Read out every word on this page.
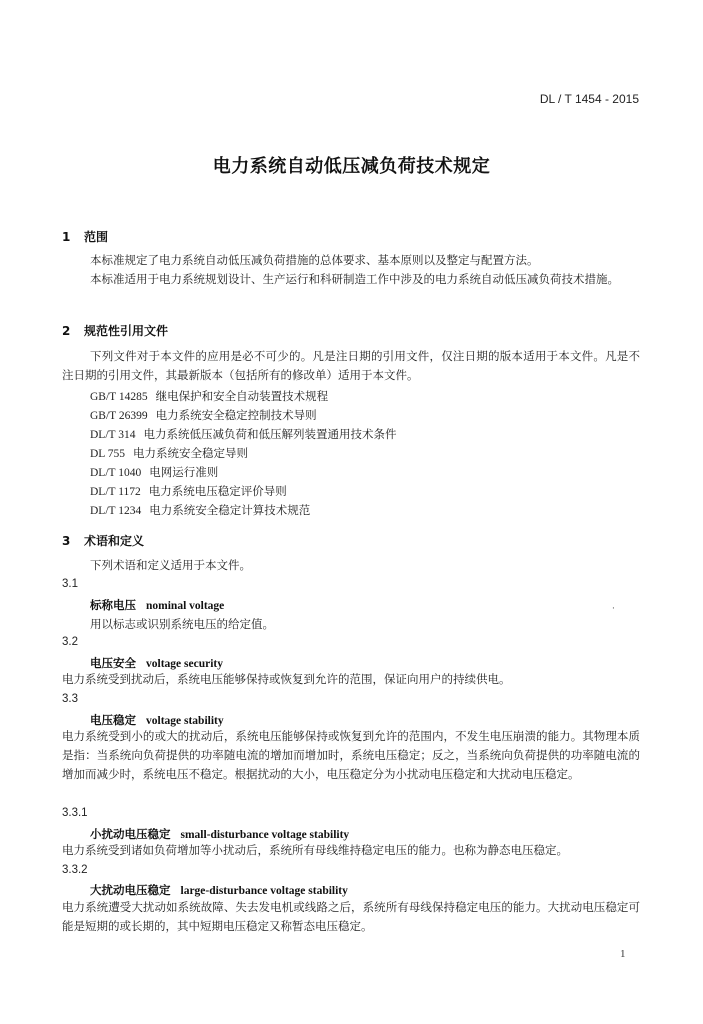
DL / T 1454 - 2015
电力系统自动低压减负荷技术规定
1 范围
本标准规定了电力系统自动低压减负荷措施的总体要求、基本原则以及整定与配置方法。
本标准适用于电力系统规划设计、生产运行和科研制造工作中涉及的电力系统自动低压减负荷技术措施。
2 规范性引用文件
下列文件对于本文件的应用是必不可少的。凡是注日期的引用文件，仅注日期的版本适用于本文件。凡是不注日期的引用文件，其最新版本（包括所有的修改单）适用于本文件。
GB/T 14285 继电保护和安全自动装置技术规程
GB/T 26399 电力系统安全稳定控制技术导则
DL/T 314 电力系统低压减负荷和低压解列装置通用技术条件
DL 755 电力系统安全稳定导则
DL/T 1040 电网运行准则
DL/T 1172 电力系统电压稳定评价导则
DL/T 1234 电力系统安全稳定计算技术规范
3 术语和定义
下列术语和定义适用于本文件。
3.1
标称电压 nominal voltage
用以标志或识别系统电压的给定值。
·
3.2
电压安全 voltage security
电力系统受到扰动后，系统电压能够保持或恢复到允许的范围，保证向用户的持续供电。
3.3
电压稳定 voltage stability
电力系统受到小的或大的扰动后，系统电压能够保持或恢复到允许的范围内，不发生电压崩溃的能力。其物理本质是指：当系统向负荷提供的功率随电流的增加而增加时，系统电压稳定；反之，当系统向负荷提供的功率随电流的增加而减少时，系统电压不稳定。根据扰动的大小，电压稳定分为小扰动电压稳定和大扰动电压稳定。
3.3.1
小扰动电压稳定 small-disturbance voltage stability
电力系统受到诸如负荷增加等小扰动后，系统所有母线维持稳定电压的能力。也称为静态电压稳定。
3.3.2
大扰动电压稳定 large-disturbance voltage stability
电力系统遭受大扰动如系统故障、失去发电机或线路之后，系统所有母线保持稳定电压的能力。大扰动电压稳定可能是短期的或长期的，其中短期电压稳定又称暂态电压稳定。
1
